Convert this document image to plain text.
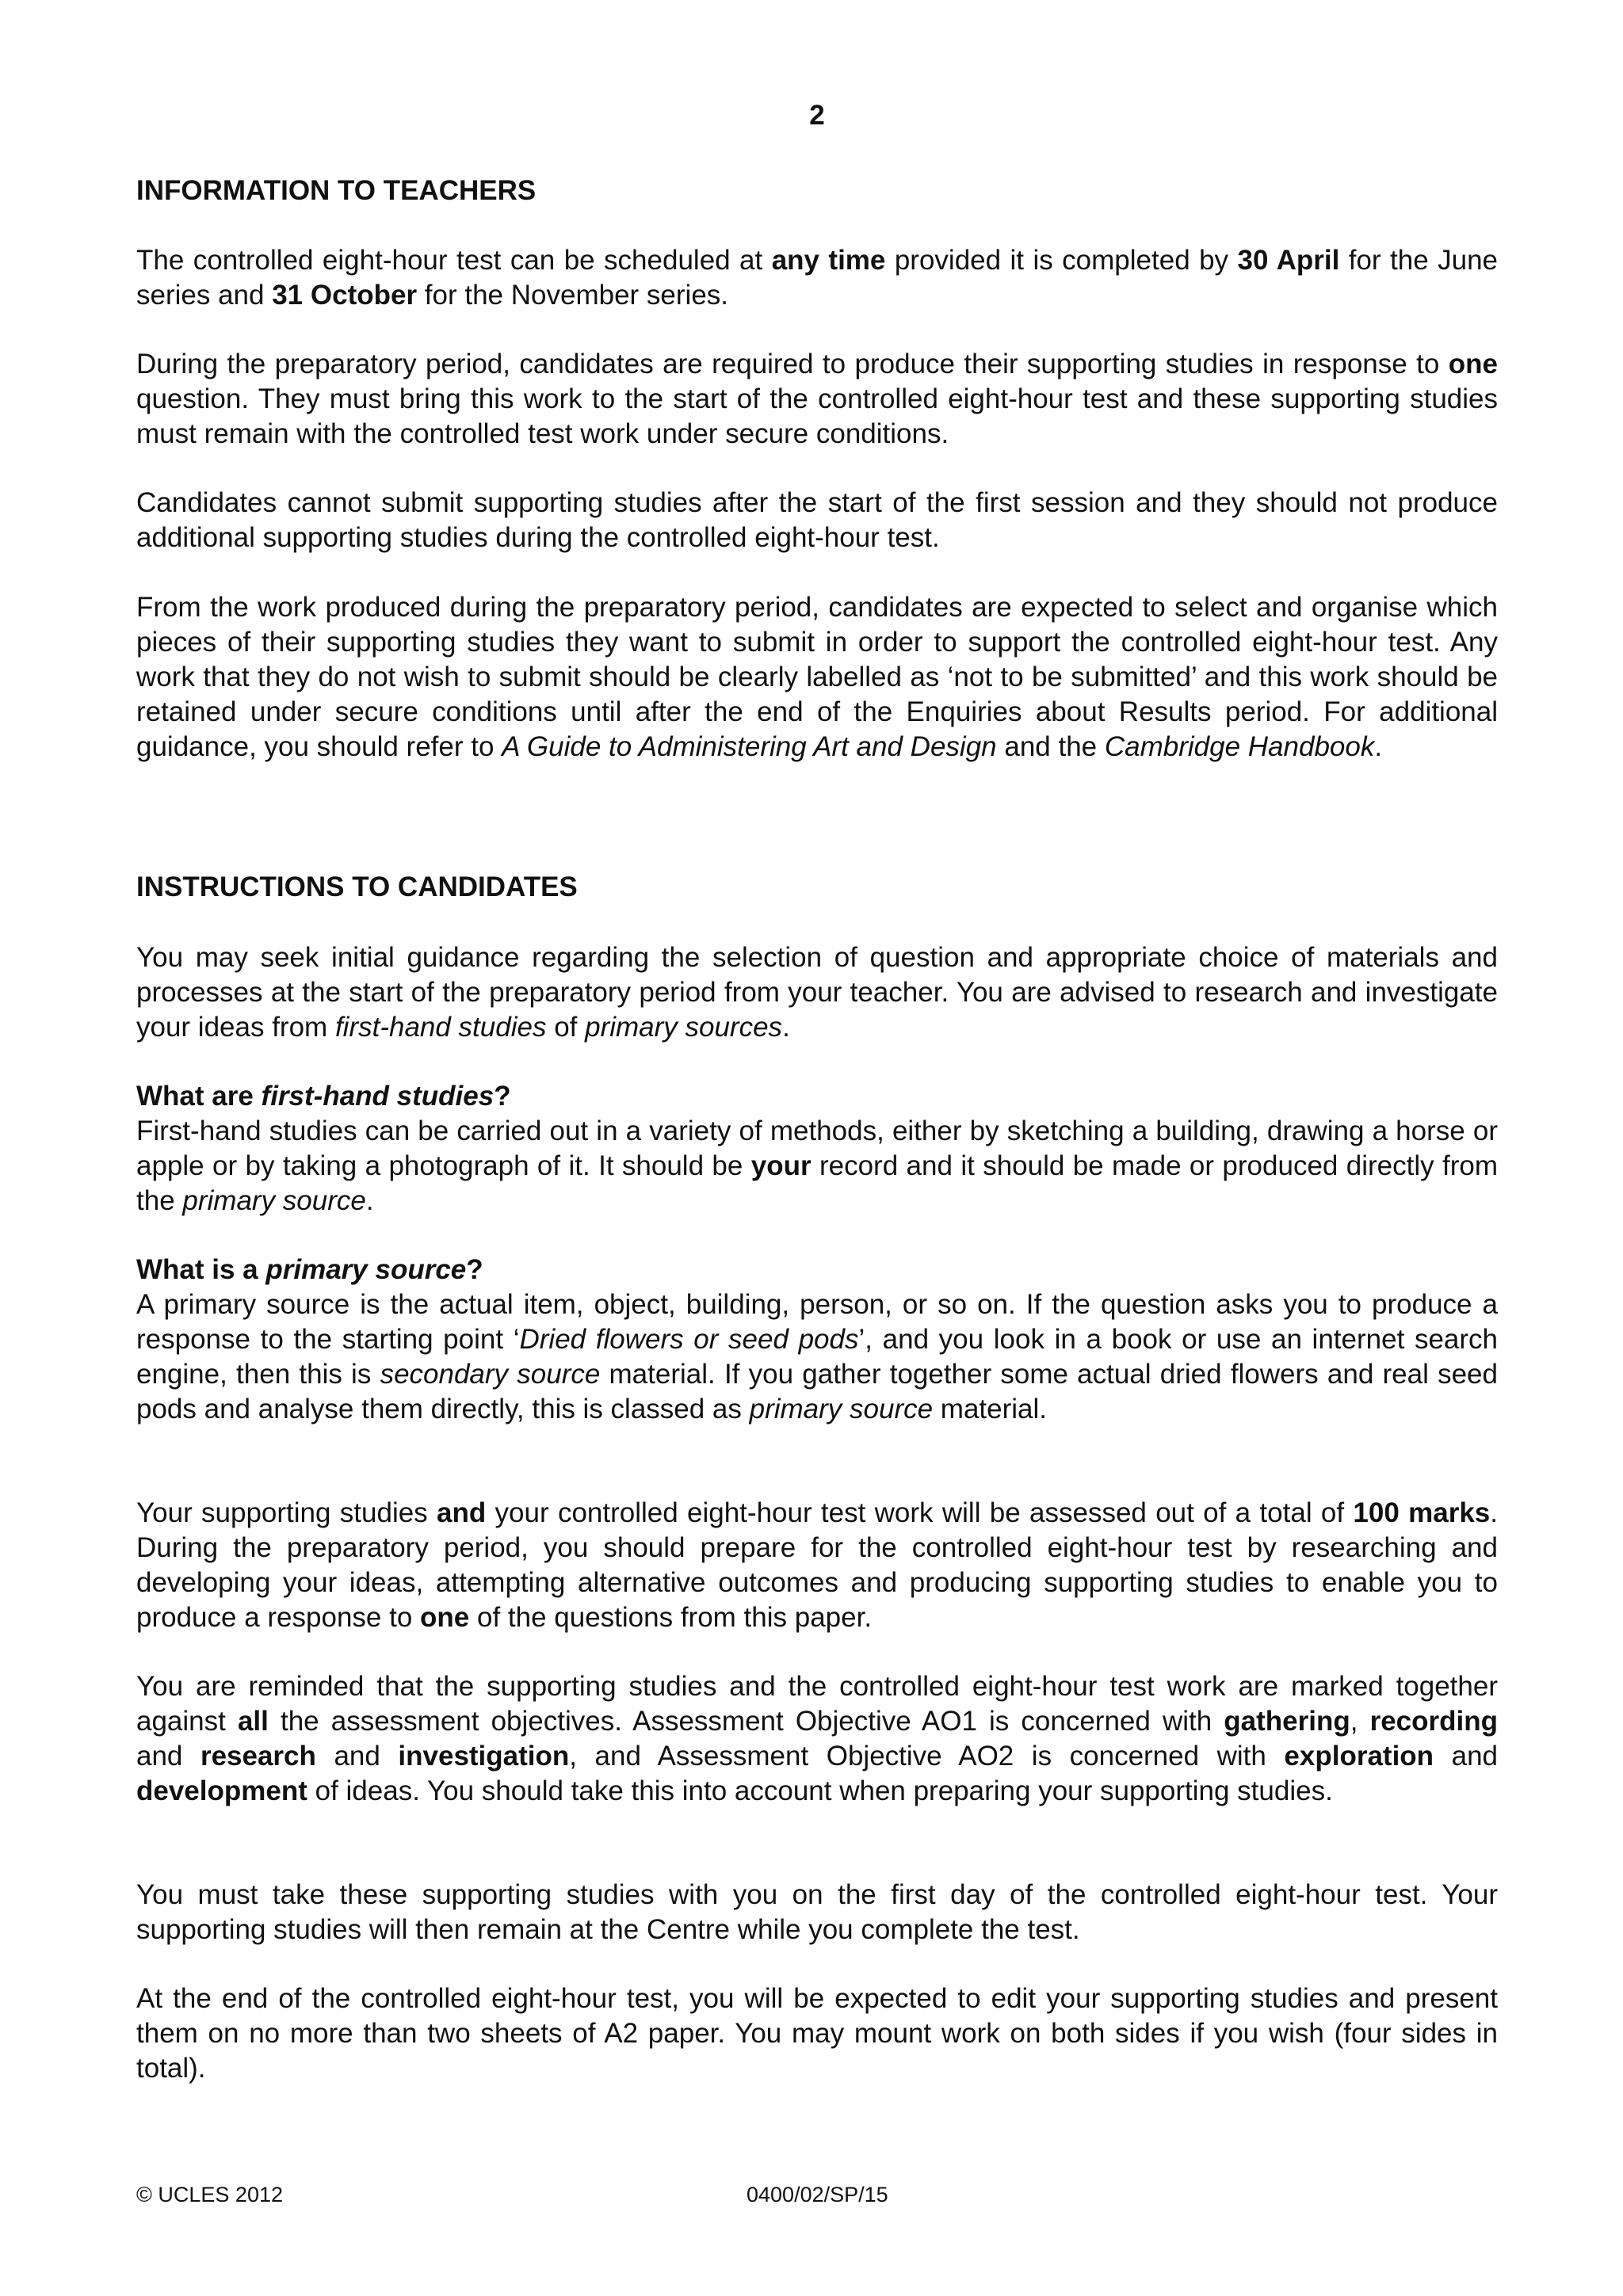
2
INFORMATION TO TEACHERS

The controlled eight-hour test can be scheduled at any time provided it is completed by 30 April for the June series and 31 October for the November series.

During the preparatory period, candidates are required to produce their supporting studies in response to one question. They must bring this work to the start of the controlled eight-hour test and these supporting studies must remain with the controlled test work under secure conditions.

Candidates cannot submit supporting studies after the start of the first session and they should not produce additional supporting studies during the controlled eight-hour test.

From the work produced during the preparatory period, candidates are expected to select and organise which pieces of their supporting studies they want to submit in order to support the controlled eight-hour test. Any work that they do not wish to submit should be clearly labelled as ‘not to be submitted’ and this work should be retained under secure conditions until after the end of the Enquiries about Results period. For additional guidance, you should refer to A Guide to Administering Art and Design and the Cambridge Handbook.

INSTRUCTIONS TO CANDIDATES

You may seek initial guidance regarding the selection of question and appropriate choice of materials and processes at the start of the preparatory period from your teacher. You are advised to research and investigate your ideas from first-hand studies of primary sources.

What are first-hand studies?

First-hand studies can be carried out in a variety of methods, either by sketching a building, drawing a horse or apple or by taking a photograph of it. It should be your record and it should be made or produced directly from the primary source.

What is a primary source?

A primary source is the actual item, object, building, person, or so on. If the question asks you to produce a response to the starting point ‘Dried flowers or seed pods’, and you look in a book or use an internet search engine, then this is secondary source material. If you gather together some actual dried flowers and real seed pods and analyse them directly, this is classed as primary source material.

Your supporting studies and your controlled eight-hour test work will be assessed out of a total of 100 marks. During the preparatory period, you should prepare for the controlled eight-hour test by researching and developing your ideas, attempting alternative outcomes and producing supporting studies to enable you to produce a response to one of the questions from this paper.

You are reminded that the supporting studies and the controlled eight-hour test work are marked together against all the assessment objectives. Assessment Objective AO1 is concerned with gathering, recording and research and investigation, and Assessment Objective AO2 is concerned with exploration and development of ideas. You should take this into account when preparing your supporting studies.

You must take these supporting studies with you on the first day of the controlled eight-hour test. Your supporting studies will then remain at the Centre while you complete the test.

At the end of the controlled eight-hour test, you will be expected to edit your supporting studies and present them on no more than two sheets of A2 paper. You may mount work on both sides if you wish (four sides in total).

© UCLES 2012	0400/02/SP/15
